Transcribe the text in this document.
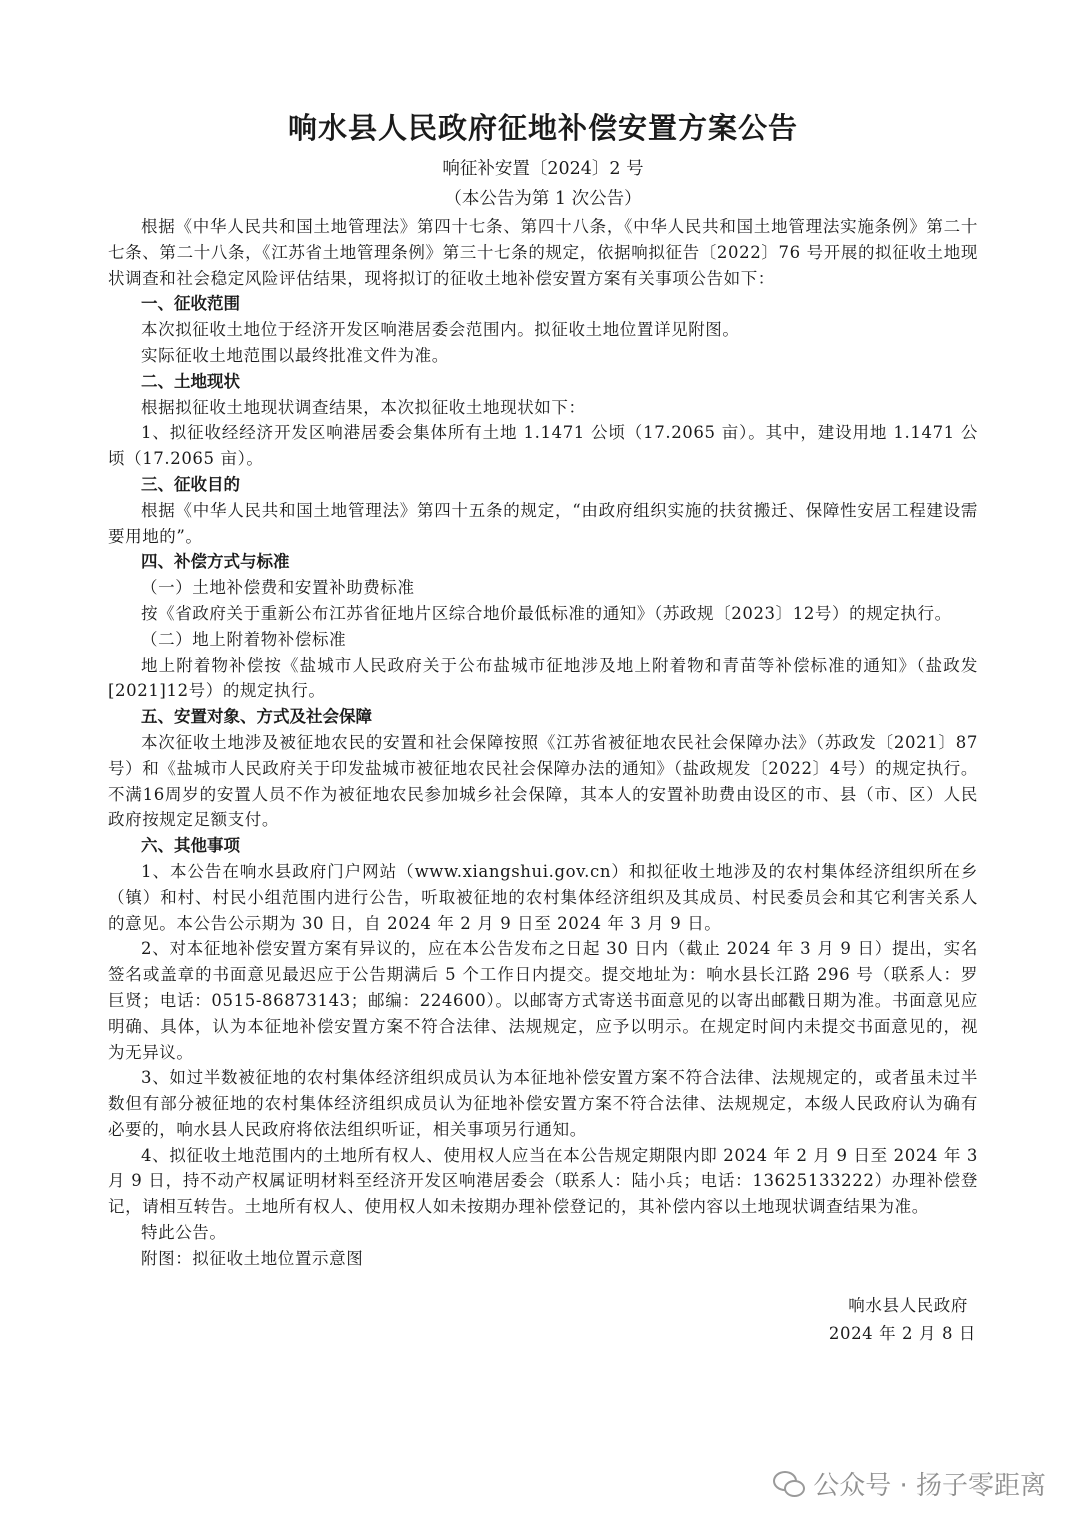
响水县人民政府征地补偿安置方案公告

响征补安置〔2024〕2 号

（本公告为第 1 次公告）

根据《中华人民共和国土地管理法》第四十七条、第四十八条，《中华人民共和国土地管理法实施条例》第二十七条、第二十八条，《江苏省土地管理条例》第三十七条的规定，依据响拟征告〔2022〕76 号开展的拟征收土地现状调查和社会稳定风险评估结果，现将拟订的征收土地补偿安置方案有关事项公告如下：

一、征收范围

本次拟征收土地位于经济开发区响港居委会范围内。拟征收土地位置详见附图。

实际征收土地范围以最终批准文件为准。

二、土地现状

根据拟征收土地现状调查结果，本次拟征收土地现状如下：

1、拟征收经经济开发区响港居委会集体所有土地 1.1471 公顷（17.2065 亩）。其中，建设用地 1.1471 公顷（17.2065 亩）。

三、征收目的

根据《中华人民共和国土地管理法》第四十五条的规定，“由政府组织实施的扶贫搬迁、保障性安居工程建设需要用地的”。

四、补偿方式与标准

（一）土地补偿费和安置补助费标准

按《省政府关于重新公布江苏省征地片区综合地价最低标准的通知》（苏政规〔2023〕12号）的规定执行。

（二）地上附着物补偿标准

地上附着物补偿按《盐城市人民政府关于公布盐城市征地涉及地上附着物和青苗等补偿标准的通知》（盐政发[2021]12号）的规定执行。

五、安置对象、方式及社会保障

本次征收土地涉及被征地农民的安置和社会保障按照《江苏省被征地农民社会保障办法》（苏政发〔2021〕87号）和《盐城市人民政府关于印发盐城市被征地农民社会保障办法的通知》（盐政规发〔2022〕4号）的规定执行。不满16周岁的安置人员不作为被征地农民参加城乡社会保障，其本人的安置补助费由设区的市、县（市、区）人民政府按规定足额支付。

六、其他事项

1、本公告在响水县政府门户网站（www.xiangshui.gov.cn）和拟征收土地涉及的农村集体经济组织所在乡（镇）和村、村民小组范围内进行公告，听取被征地的农村集体经济组织及其成员、村民委员会和其它利害关系人的意见。本公告公示期为 30 日，自 2024 年 2 月 9 日至 2024 年 3 月 9 日。

2、对本征地补偿安置方案有异议的，应在本公告发布之日起 30 日内（截止 2024 年 3 月 9 日）提出，实名签名或盖章的书面意见最迟应于公告期满后 5 个工作日内提交。提交地址为：响水县长江路 296 号（联系人：罗巨贤；电话：0515-86873143；邮编：224600）。以邮寄方式寄送书面意见的以寄出邮戳日期为准。书面意见应明确、具体，认为本征地补偿安置方案不符合法律、法规规定，应予以明示。在规定时间内未提交书面意见的，视为无异议。

3、如过半数被征地的农村集体经济组织成员认为本征地补偿安置方案不符合法律、法规规定的，或者虽未过半数但有部分被征地的农村集体经济组织成员认为征地补偿安置方案不符合法律、法规规定，本级人民政府认为确有必要的，响水县人民政府将依法组织听证，相关事项另行通知。

4、拟征收土地范围内的土地所有权人、使用权人应当在本公告规定期限内即 2024 年 2 月 9 日至 2024 年 3 月 9 日，持不动产权属证明材料至经济开发区响港居委会（联系人：陆小兵；电话：13625133222）办理补偿登记，请相互转告。土地所有权人、使用权人如未按期办理补偿登记的，其补偿内容以土地现状调查结果为准。

特此公告。

附图：拟征收土地位置示意图

响水县人民政府
2024 年 2 月 8 日
公众号 · 扬子零距离
